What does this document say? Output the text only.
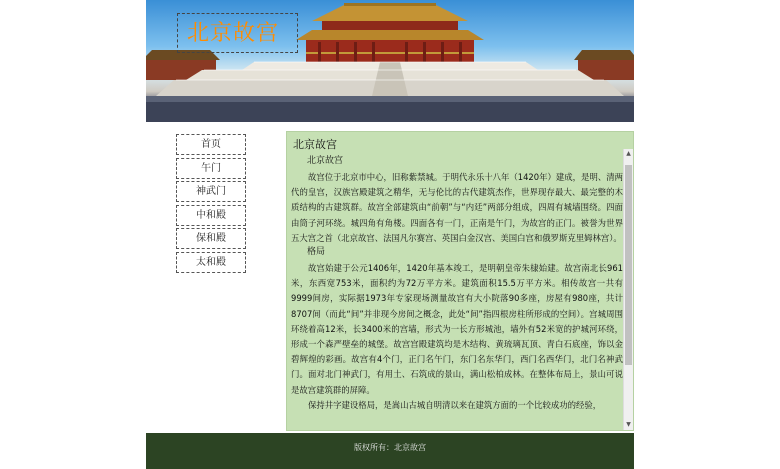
北京故宫
首页
午门
神武门
中和殿
保和殿
太和殿
北京故宫
北京故宫

故宫位于北京市中心，旧称紫禁城。于明代永乐十八年（1420年）建成，是明、清两代的皇宫，汉族宫殿建筑之精华，无与伦比的古代建筑杰作，世界现存最大、最完整的木质结构的古建筑群。故宫全部建筑由“前朝”与“内廷”两部分组成，四周有城墙围绕。四面由筒子河环绕。城四角有角楼。四面各有一门，正南是午门，为故宫的正门。被誉为世界五大宫之首（北京故宫、法国凡尔赛宫、英国白金汉宫、美国白宫和俄罗斯克里姆林宫）。

格局

故宫始建于公元1406年，1420年基本竣工，是明朝皇帝朱棣始建。故宫南北长961米，东西宽753米，面积约为72万平方米。建筑面积15.5万平方米。相传故宫一共有9999间房，实际据1973年专家现场测量故宫有大小院落90多座，房屋有980座，共计8707间（而此“间”并非现今房间之概念，此处“间”指四根房柱所形成的空间）。宫城周围环绕着高12米，长3400米的宫墙，形式为一长方形城池，墙外有52米宽的护城河环绕，形成一个森严壁垒的城堡。故宫宫殿建筑均是木结构、黄琉璃瓦顶、青白石底座，饰以金碧辉煌的彩画。故宫有4个门，正门名午门，东门名东华门，西门名西华门，北门名神武门。面对北门神武门，有用土、石筑成的景山，满山松柏成林。在整体布局上，景山可说是故宫建筑群的屏障。

保持井字建设格局，是嵩山古城自明清以来在建筑方面的一个比较成功的经验，

▲
▼
版权所有：北京故宫
